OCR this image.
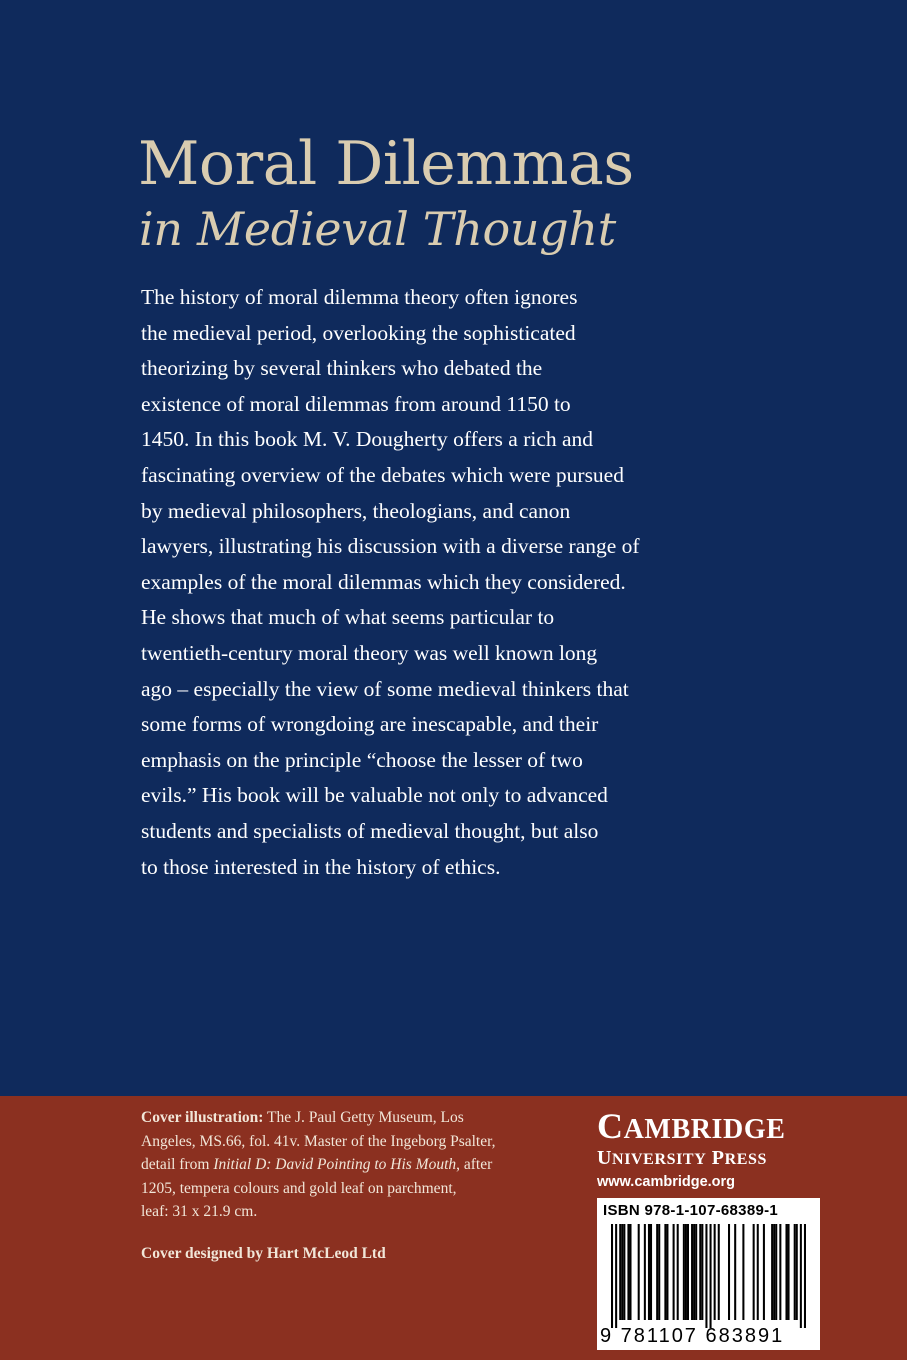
Moral Dilemmas
in Medieval Thought
The history of moral dilemma theory often ignores
the medieval period, overlooking the sophisticated
theorizing by several thinkers who debated the
existence of moral dilemmas from around 1150 to
1450. In this book M. V. Dougherty offers a rich and
fascinating overview of the debates which were pursued
by medieval philosophers, theologians, and canon
lawyers, illustrating his discussion with a diverse range of
examples of the moral dilemmas which they considered.
He shows that much of what seems particular to
twentieth-century moral theory was well known long
ago – especially the view of some medieval thinkers that
some forms of wrongdoing are inescapable, and their
emphasis on the principle “choose the lesser of two
evils.” His book will be valuable not only to advanced
students and specialists of medieval thought, but also
to those interested in the history of ethics.
Cover illustration: The J. Paul Getty Museum, Los
Angeles, MS.66, fol. 41v. Master of the Ingeborg Psalter,
detail from Initial D: David Pointing to His Mouth, after
1205, tempera colours and gold leaf on parchment,
leaf: 31 x 21.9 cm.
Cover designed by Hart McLeod Ltd
CAMBRIDGE
UNIVERSITY PRESS
www.cambridge.org
ISBN 978-1-107-68389-1
9 781107 683891
